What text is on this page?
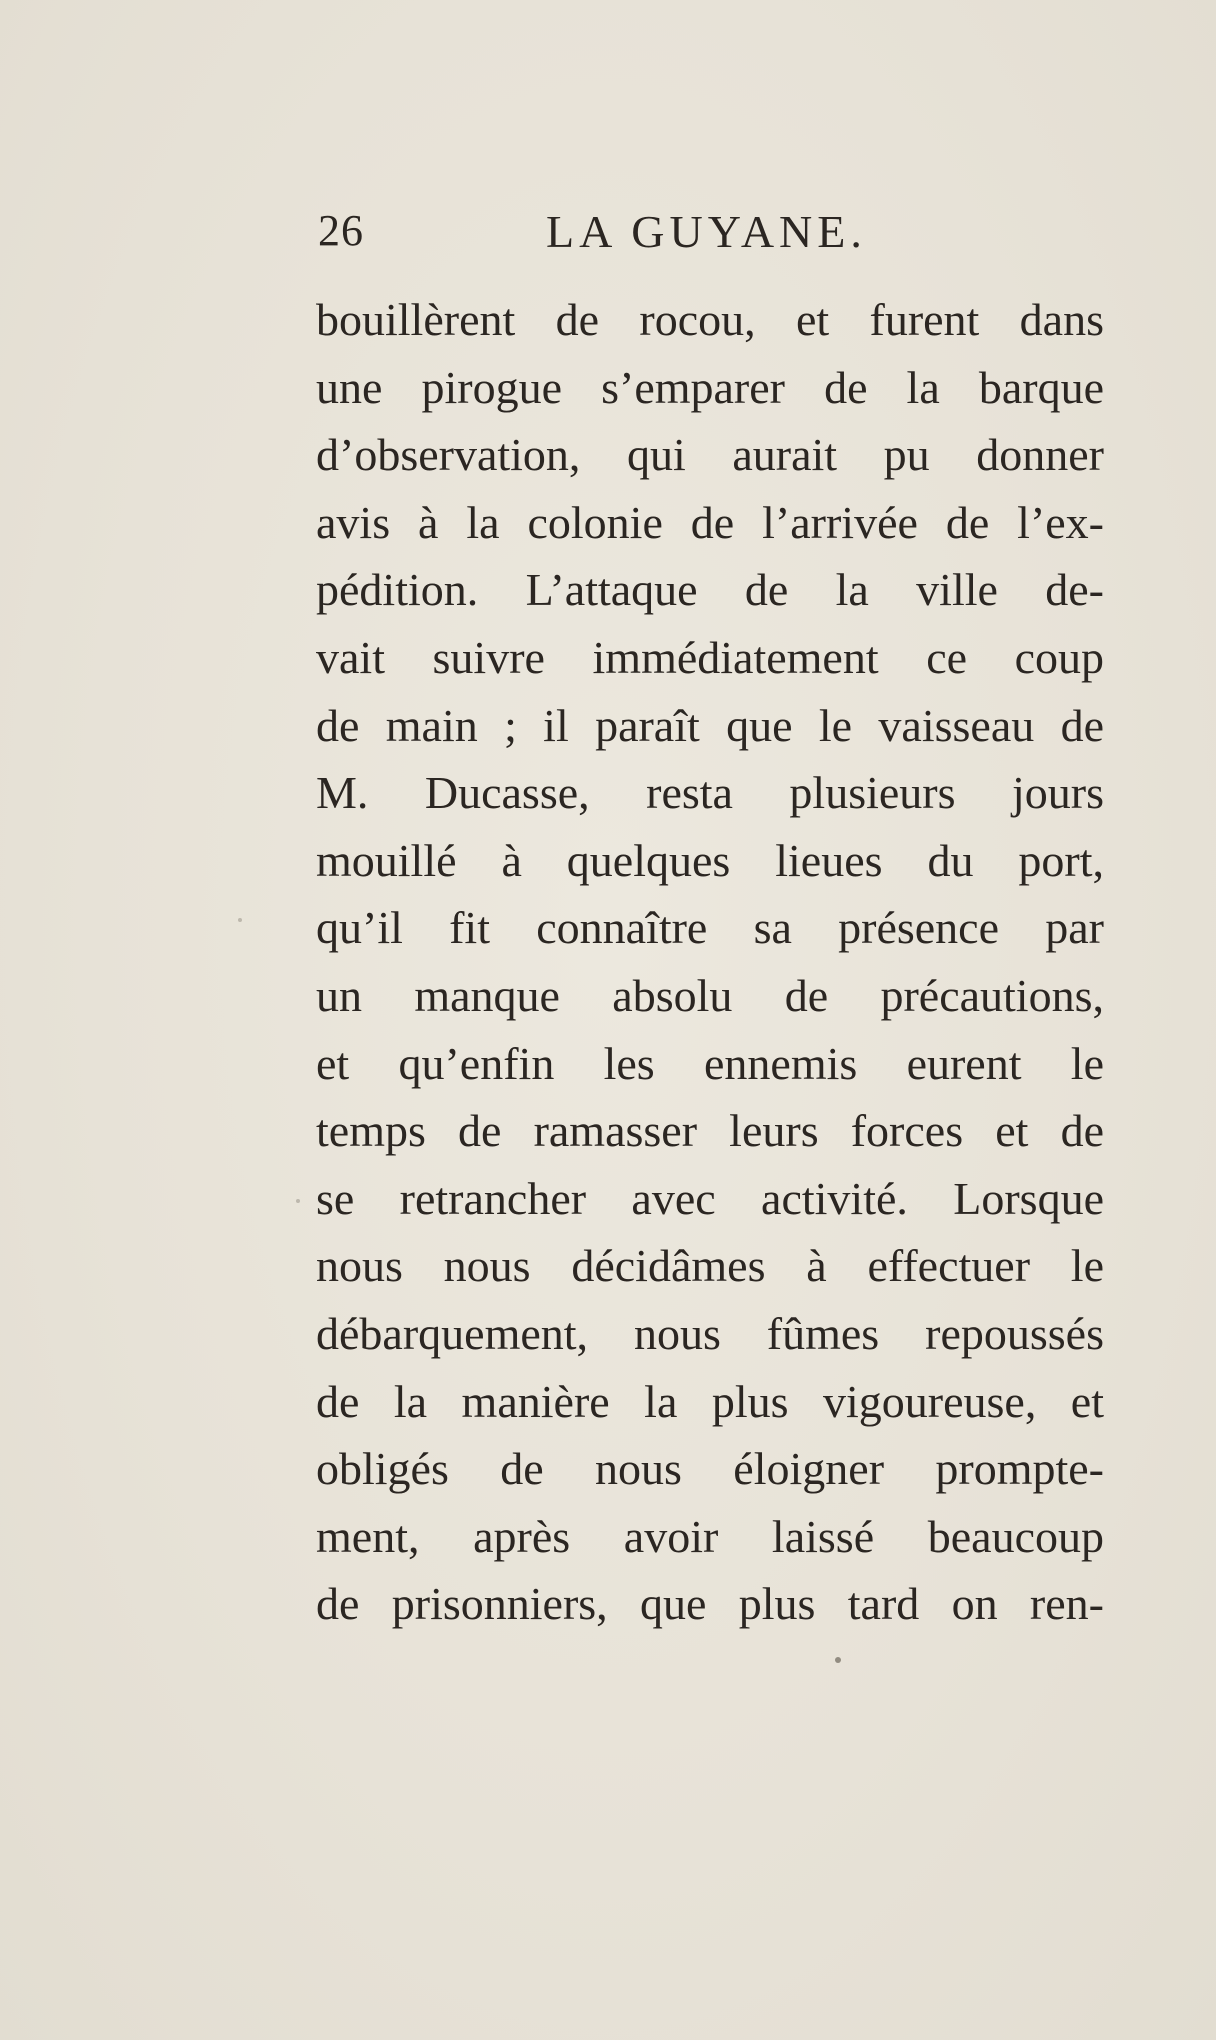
26	LA GUYANE.
bouillèrent de rocou, et furent dans
une pirogue s’emparer de la barque
d’observation, qui aurait pu donner
avis à la colonie de l’arrivée de l’ex-
pédition. L’attaque de la ville de-
vait suivre immédiatement ce coup
de main ; il paraît que le vaisseau de
M. Ducasse, resta plusieurs jours
mouillé à quelques lieues du port,
qu’il fit connaître sa présence par
un manque absolu de précautions,
et qu’enfin les ennemis eurent le
temps de ramasser leurs forces et de
se retrancher avec activité. Lorsque
nous nous décidâmes à effectuer le
débarquement, nous fûmes repoussés
de la manière la plus vigoureuse, et
obligés de nous éloigner prompte-
ment, après avoir laissé beaucoup
de prisonniers, que plus tard on ren-
